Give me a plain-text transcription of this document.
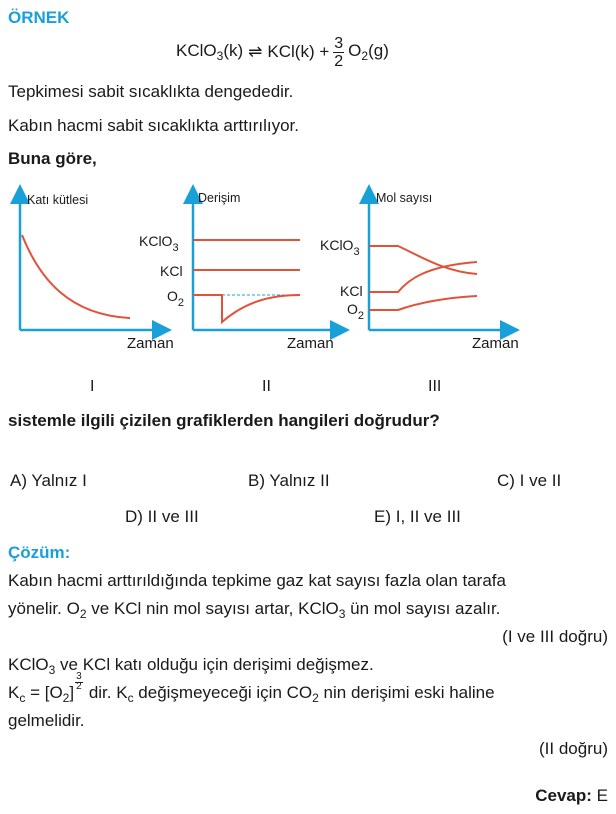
ÖRNEK
KClO$_3$(k) ⇌ $KCl(k) + \frac{3}{2} O_2(g)$
Tepkimesi sabit sıcaklıkta dengededir.
Kabın hacmi sabit sıcaklıkta arttırılıyor.
Buna göre,
Katı kütlesi
Zaman
I
Derişim
KClO$_3$
KCl
$O_2$
Zaman
II
Mol sayısı
KClO$_3$
KCl
$O_2$
Zaman
III
sistemle ilgili çizilen grafiklerden hangileri doğrudur?
A) Yalnız I	B) Yalnız II	C) I ve II
D) II ve III	E) I, II ve III
Çözüm:
Kabın hacmi arttırıldığında tepkime gaz kat sayısı fazla olan tarafa
yönelir. $O_2$ ve KCl nin mol sayısı artar, KClO$_3$ ün mol sayısı azalır.
(I ve III doğru)
KClO$_3$ ve KCl katı olduğu için derişimi değişmez.
$K_c = [O_2] \frac{3}{2}$ dir. $K_c$ değişmeyeceği için $CO_2$ nin derişimi eski haline
gelmelidir.
(II doğru)
Cevap: E
